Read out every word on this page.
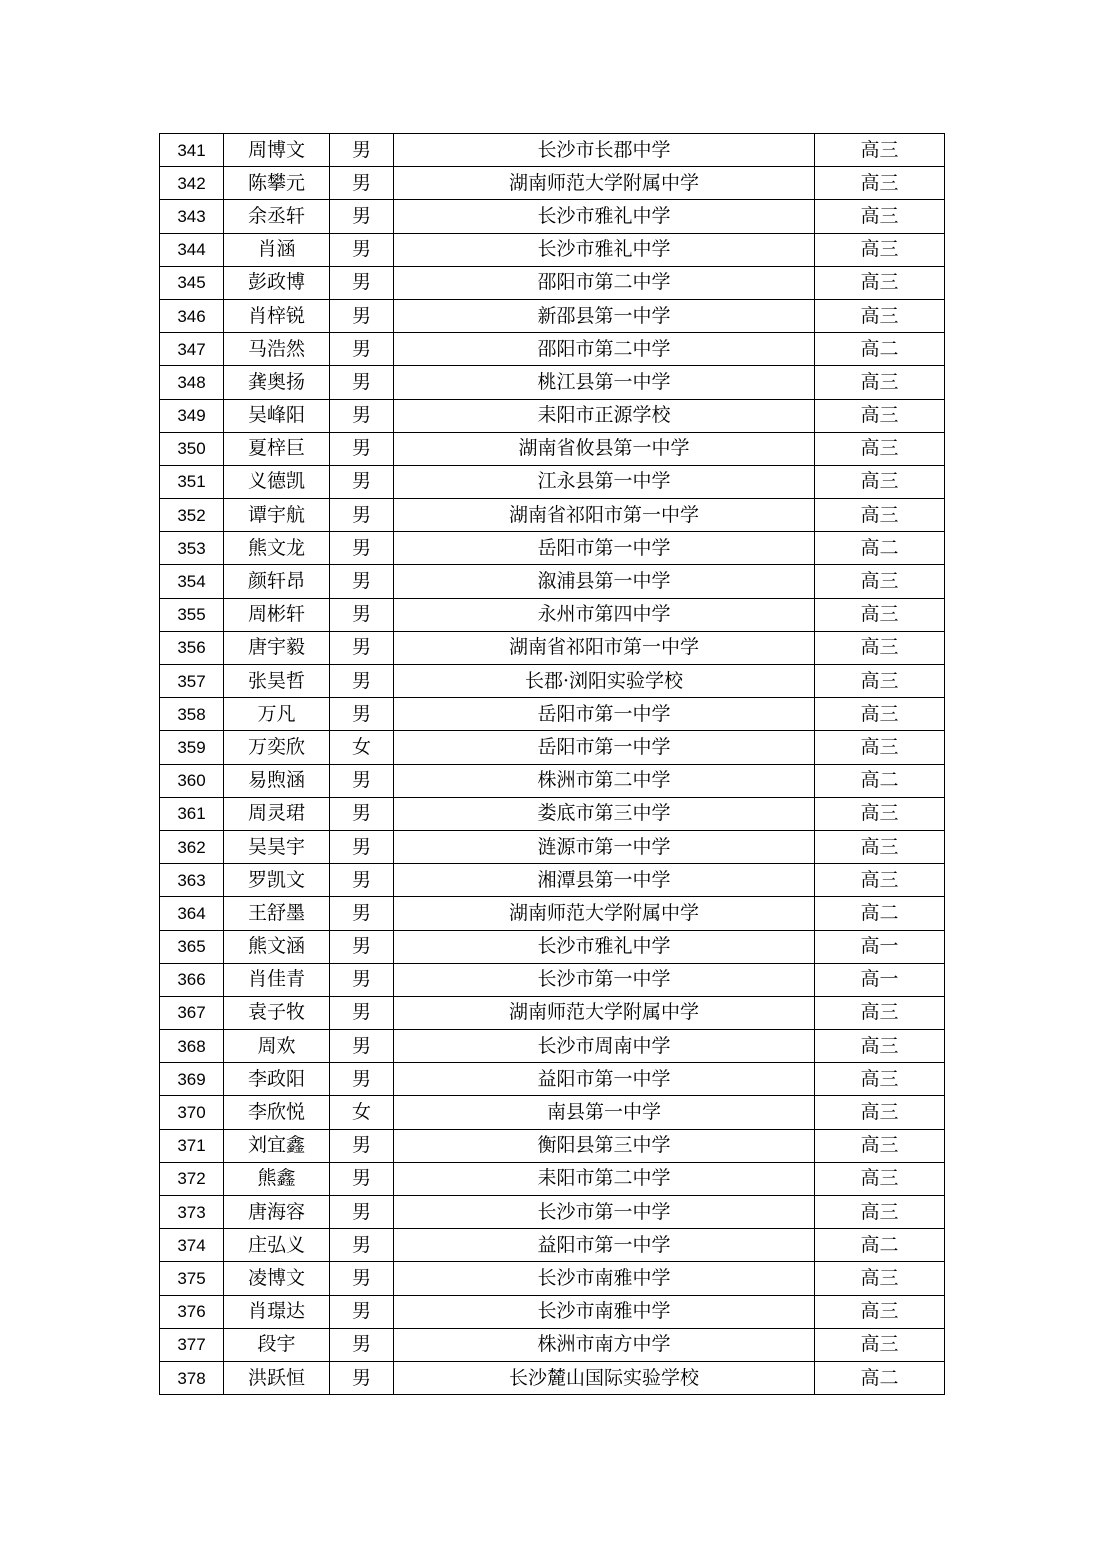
341	周博文	男	长沙市长郡中学	高三
342	陈攀元	男	湖南师范大学附属中学	高三
343	余丞轩	男	长沙市雅礼中学	高三
344	肖涵	男	长沙市雅礼中学	高三
345	彭政博	男	邵阳市第二中学	高三
346	肖梓锐	男	新邵县第一中学	高三
347	马浩然	男	邵阳市第二中学	高二
348	龚奥扬	男	桃江县第一中学	高三
349	吴峰阳	男	耒阳市正源学校	高三
350	夏梓巨	男	湖南省攸县第一中学	高三
351	义德凯	男	江永县第一中学	高三
352	谭宇航	男	湖南省祁阳市第一中学	高三
353	熊文龙	男	岳阳市第一中学	高二
354	颜轩昂	男	溆浦县第一中学	高三
355	周彬轩	男	永州市第四中学	高三
356	唐宇毅	男	湖南省祁阳市第一中学	高三
357	张昊哲	男	长郡·浏阳实验学校	高三
358	万凡	男	岳阳市第一中学	高三
359	万奕欣	女	岳阳市第一中学	高三
360	易煦涵	男	株洲市第二中学	高二
361	周灵珺	男	娄底市第三中学	高三
362	吴昊宇	男	涟源市第一中学	高三
363	罗凯文	男	湘潭县第一中学	高三
364	王舒墨	男	湖南师范大学附属中学	高二
365	熊文涵	男	长沙市雅礼中学	高一
366	肖佳青	男	长沙市第一中学	高一
367	袁子牧	男	湖南师范大学附属中学	高三
368	周欢	男	长沙市周南中学	高三
369	李政阳	男	益阳市第一中学	高三
370	李欣悦	女	南县第一中学	高三
371	刘宜鑫	男	衡阳县第三中学	高三
372	熊鑫	男	耒阳市第二中学	高三
373	唐海容	男	长沙市第一中学	高三
374	庄弘义	男	益阳市第一中学	高二
375	凌博文	男	长沙市南雅中学	高三
376	肖璟达	男	长沙市南雅中学	高三
377	段宇	男	株洲市南方中学	高三
378	洪跃恒	男	长沙麓山国际实验学校	高二
